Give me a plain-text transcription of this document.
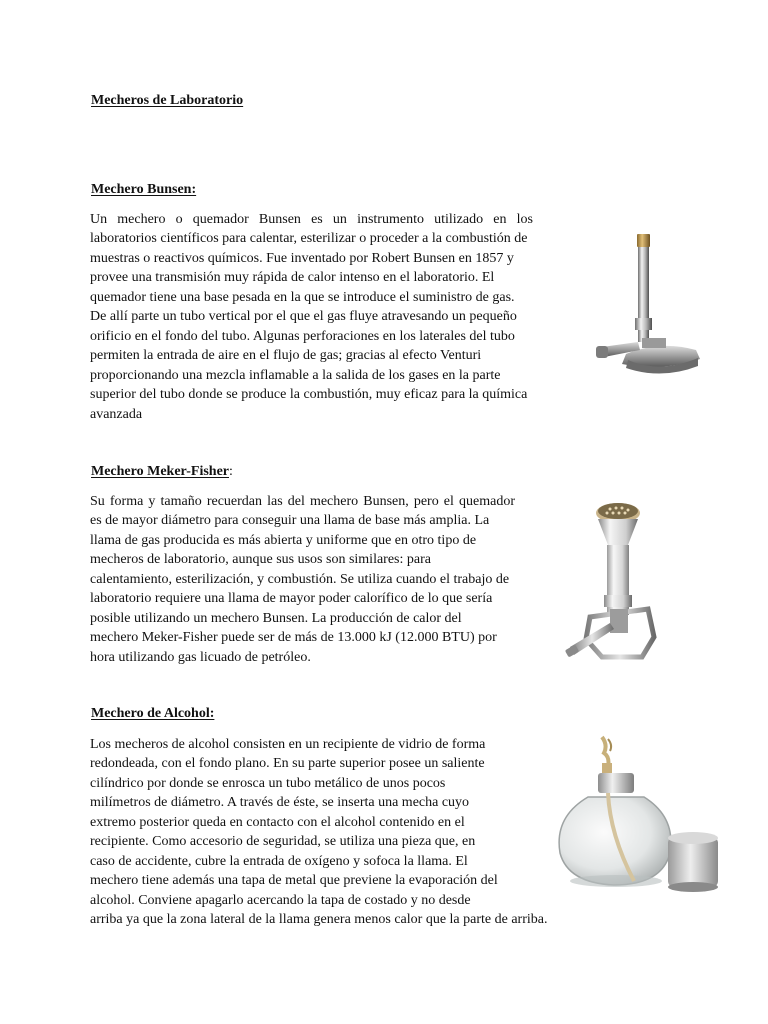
Mecheros de Laboratorio
Mechero Bunsen:
Un mechero o quemador Bunsen es un instrumento utilizado en los
laboratorios científicos para calentar, esterilizar o proceder a la combustión de
muestras o reactivos químicos. Fue inventado por Robert Bunsen en 1857 y
provee una transmisión muy rápida de calor intenso en el laboratorio. El
quemador tiene una base pesada en la que se introduce el suministro de gas.
De allí parte un tubo vertical por el que el gas fluye atravesando un pequeño
orificio en el fondo del tubo. Algunas perforaciones en los laterales del tubo
permiten la entrada de aire en el flujo de gas; gracias al efecto Venturi
proporcionando una mezcla inflamable a la salida de los gases en la parte
superior del tubo donde se produce la combustión, muy eficaz para la química
avanzada
Mechero Meker-Fisher:
Su forma y tamaño recuerdan las del mechero Bunsen, pero el quemador
es de mayor diámetro para conseguir una llama de base más amplia. La
llama de gas producida es más abierta y uniforme que en otro tipo de
mecheros de laboratorio, aunque sus usos son similares: para
calentamiento, esterilización, y combustión. Se utiliza cuando el trabajo de
laboratorio requiere una llama de mayor poder calorífico de lo que sería
posible utilizando un mechero Bunsen. La producción de calor del
mechero Meker-Fisher puede ser de más de 13.000 kJ (12.000 BTU) por
hora utilizando gas licuado de petróleo.
Mechero de Alcohol:
Los mecheros de alcohol consisten en un recipiente de vidrio de forma
redondeada, con el fondo plano. En su parte superior posee un saliente
cilíndrico por donde se enrosca un tubo metálico de unos pocos
milímetros de diámetro. A través de éste, se inserta una mecha cuyo
extremo posterior queda en contacto con el alcohol contenido en el
recipiente. Como accesorio de seguridad, se utiliza una pieza que, en
caso de accidente, cubre la entrada de oxígeno y sofoca la llama. El
mechero tiene además una tapa de metal que previene la evaporación del
alcohol. Conviene apagarlo acercando la tapa de costado y no desde
arriba ya que la zona lateral de la llama genera menos calor que la parte de arriba.
